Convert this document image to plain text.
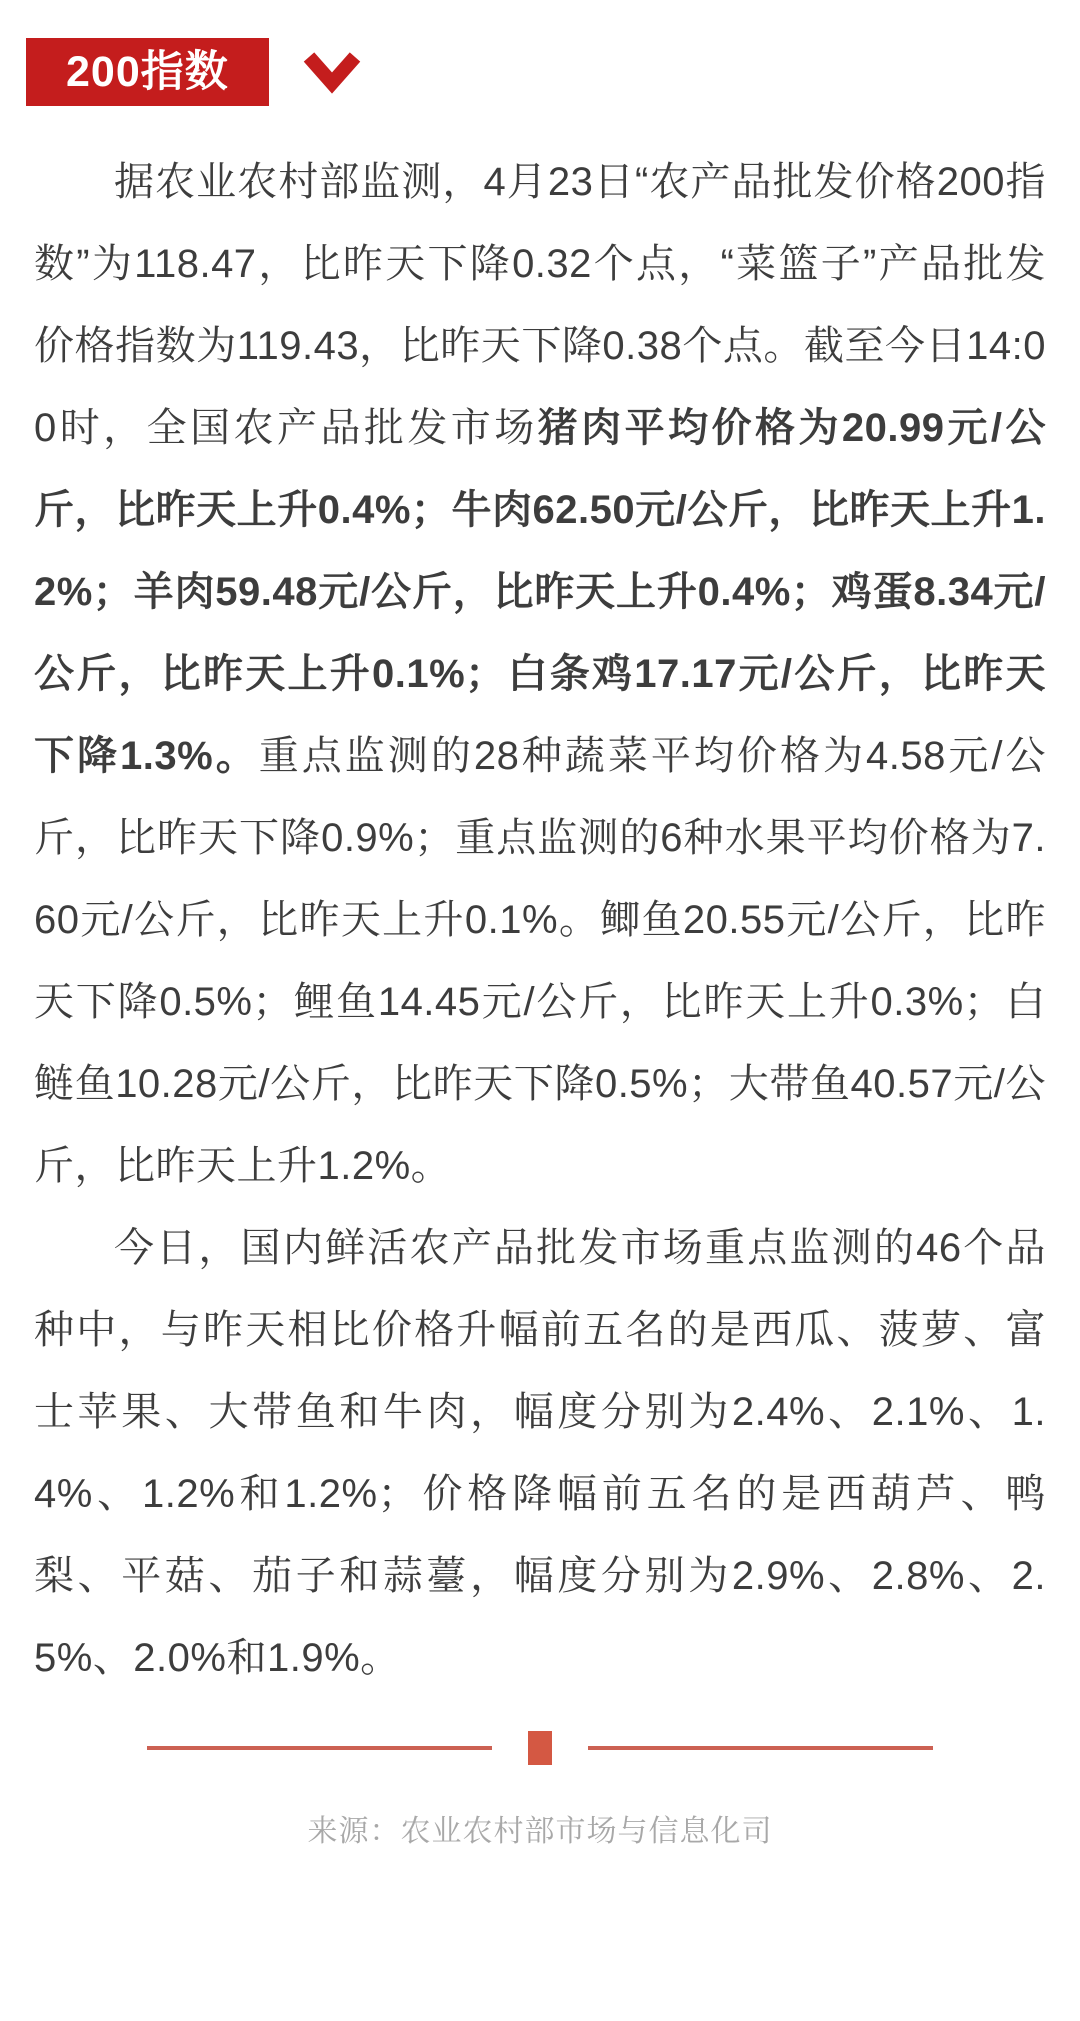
200指数

据农业农村部监测，4月23日“农产品批发价格200指数”为118.47，比昨天下降0.32个点，“菜篮子”产品批发价格指数为119.43，比昨天下降0.38个点。截至今日14:00时，全国农产品批发市场猪肉平均价格为20.99元/公斤，比昨天上升0.4%；牛肉62.50元/公斤，比昨天上升1.2%；羊肉59.48元/公斤，比昨天上升0.4%；鸡蛋8.34元/公斤，比昨天上升0.1%；白条鸡17.17元/公斤，比昨天下降1.3%。重点监测的28种蔬菜平均价格为4.58元/公斤，比昨天下降0.9%；重点监测的6种水果平均价格为7.60元/公斤，比昨天上升0.1%。鲫鱼20.55元/公斤，比昨天下降0.5%；鲤鱼14.45元/公斤，比昨天上升0.3%；白鲢鱼10.28元/公斤，比昨天下降0.5%；大带鱼40.57元/公斤，比昨天上升1.2%。

今日，国内鲜活农产品批发市场重点监测的46个品种中，与昨天相比价格升幅前五名的是西瓜、菠萝、富士苹果、大带鱼和牛肉，幅度分别为2.4%、2.1%、1.4%、1.2%和1.2%；价格降幅前五名的是西葫芦、鸭梨、平菇、茄子和蒜薹，幅度分别为2.9%、2.8%、2.5%、2.0%和1.9%。

来源：农业农村部市场与信息化司
